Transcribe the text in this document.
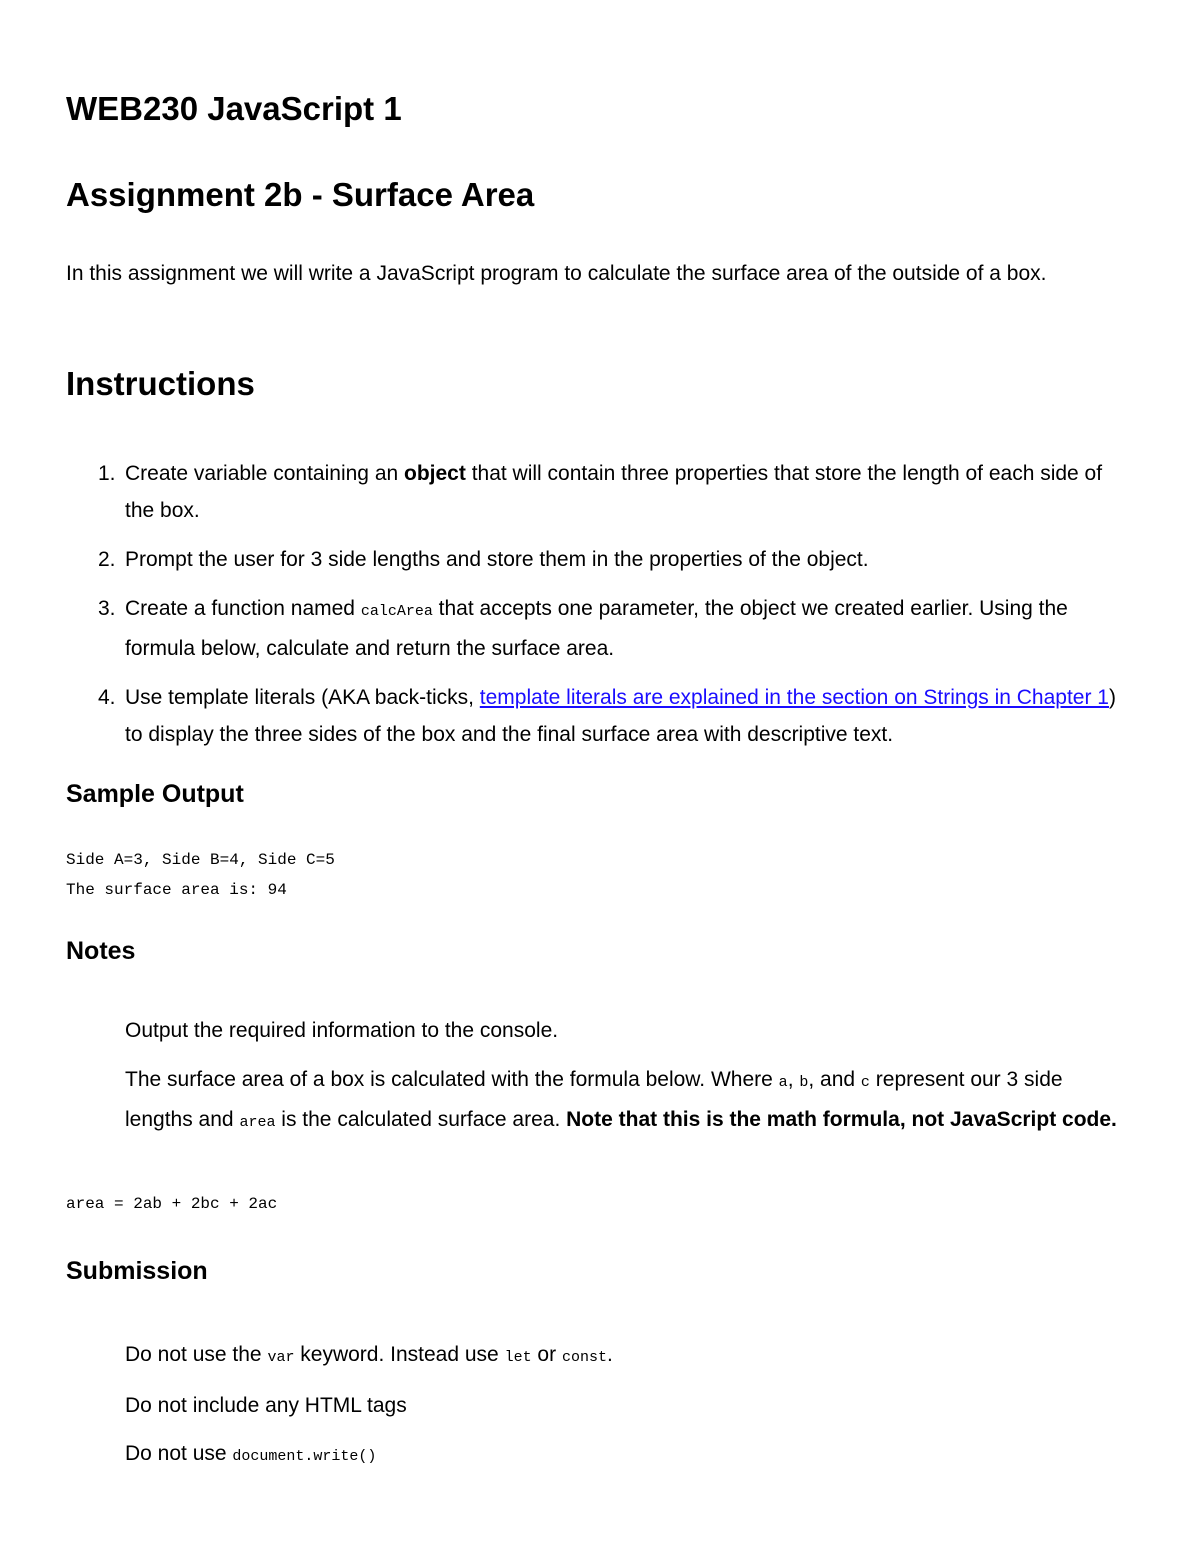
WEB230 JavaScript 1
Assignment 2b - Surface Area

In this assignment we will write a JavaScript program to calculate the surface area of the outside of a box.

Instructions
1. Create variable containing an object that will contain three properties that store the length of each side of the box.
2. Prompt the user for 3 side lengths and store them in the properties of the object.
3. Create a function named calcArea that accepts one parameter, the object we created earlier. Using the formula below, calculate and return the surface area.
4. Use template literals (AKA back-ticks, template literals are explained in the section on Strings in Chapter 1) to display the three sides of the box and the final surface area with descriptive text.
Sample Output
Side A=3, Side B=4, Side C=5
The surface area is: 94
Notes

Output the required information to the console.

The surface area of a box is calculated with the formula below. Where a, b, and c represent our 3 side lengths and area is the calculated surface area. Note that this is the math formula, not JavaScript code.

area = 2ab + 2bc + 2ac
Submission

Do not use the var keyword. Instead use let or const.

Do not include any HTML tags

Do not use document.write()
